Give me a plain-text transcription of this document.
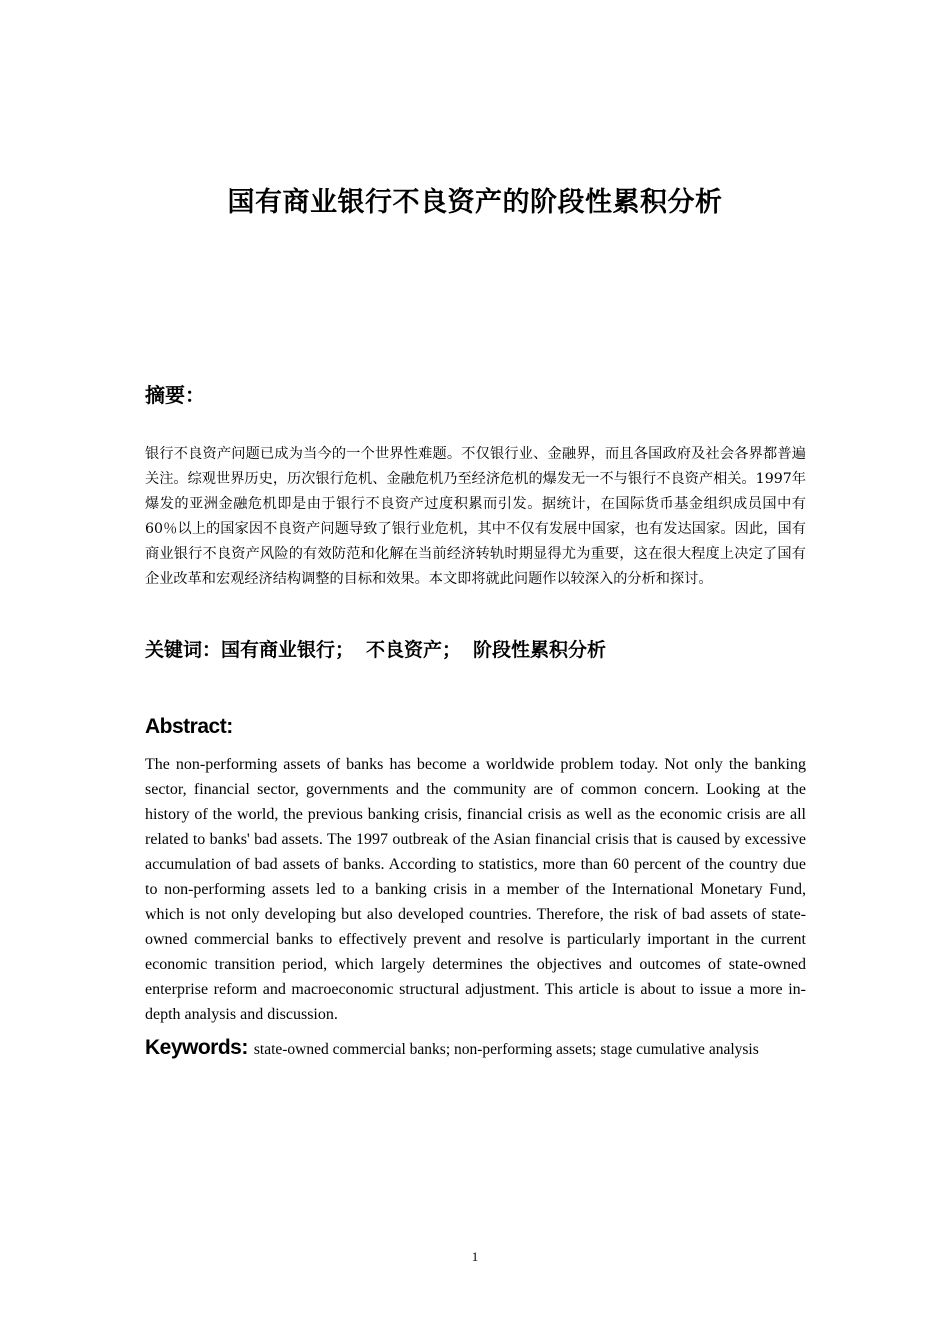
国有商业银行不良资产的阶段性累积分析
摘要：

银行不良资产问题已成为当今的一个世界性难题。不仅银行业、金融界，而且各国政府及社会各界都普遍关注。综观世界历史，历次银行危机、金融危机乃至经济危机的爆发无一不与银行不良资产相关。1997年爆发的亚洲金融危机即是由于银行不良资产过度积累而引发。据统计，在国际货币基金组织成员国中有60％以上的国家因不良资产问题导致了银行业危机，其中不仅有发展中国家，也有发达国家。因此，国有商业银行不良资产风险的有效防范和化解在当前经济转轨时期显得尤为重要，这在很大程度上决定了国有企业改革和宏观经济结构调整的目标和效果。本文即将就此问题作以较深入的分析和探讨。

关键词：国有商业银行； 不良资产； 阶段性累积分析
Abstract:

The non-performing assets of banks has become a worldwide problem today. Not only the banking sector, financial sector, governments and the community are of common concern. Looking at the history of the world, the previous banking crisis, financial crisis as well as the economic crisis are all related to banks' bad assets. The 1997 outbreak of the Asian financial crisis that is caused by excessive accumulation of bad assets of banks. According to statistics, more than 60 percent of the country due to non-performing assets led to a banking crisis in a member of the International Monetary Fund, which is not only developing but also developed countries. Therefore, the risk of bad assets of state-owned commercial banks to effectively prevent and resolve is particularly important in the current economic transition period, which largely determines the objectives and outcomes of state-owned enterprise reform and macroeconomic structural adjustment. This article is about to issue a more in-depth analysis and discussion.

Keywords: state-owned commercial banks; non-performing assets; stage cumulative analysis
1
